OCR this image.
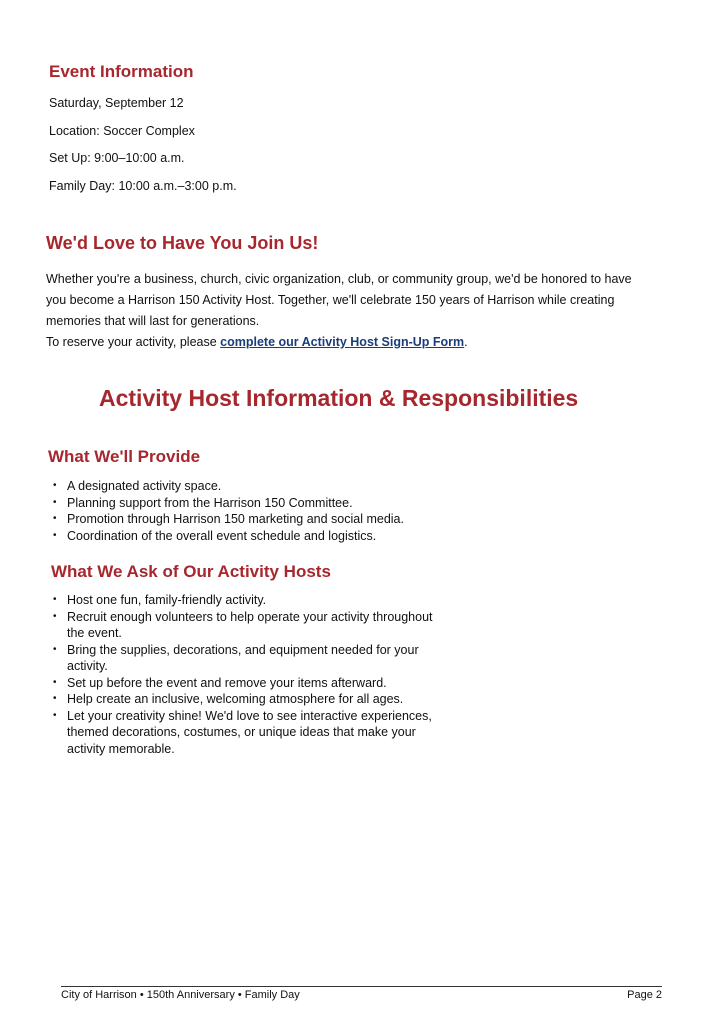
Event Information

Saturday, September 12

Location: Soccer Complex

Set Up: 9:00–10:00 a.m.

Family Day: 10:00 a.m.–3:00 p.m.

We'd Love to Have You Join Us!

Whether you're a business, church, civic organization, club, or community group, we'd be honored to have you become a Harrison 150 Activity Host. Together, we'll celebrate 150 years of Harrison while creating memories that will last for generations.

To reserve your activity, please complete our Activity Host Sign-Up Form.

Activity Host Information & Responsibilities
What We'll Provide
• A designated activity space.
• Planning support from the Harrison 150 Committee.
• Promotion through Harrison 150 marketing and social media.
• Coordination of the overall event schedule and logistics.
What We Ask of Our Activity Hosts
• Host one fun, family-friendly activity.
• Recruit enough volunteers to help operate your activity throughout the event.
• Bring the supplies, decorations, and equipment needed for your activity.
• Set up before the event and remove your items afterward.
• Help create an inclusive, welcoming atmosphere for all ages.
• Let your creativity shine! We'd love to see interactive experiences, themed decorations, costumes, or unique ideas that make your activity memorable.

City of Harrison • 150th Anniversary • Family Day	Page 2
